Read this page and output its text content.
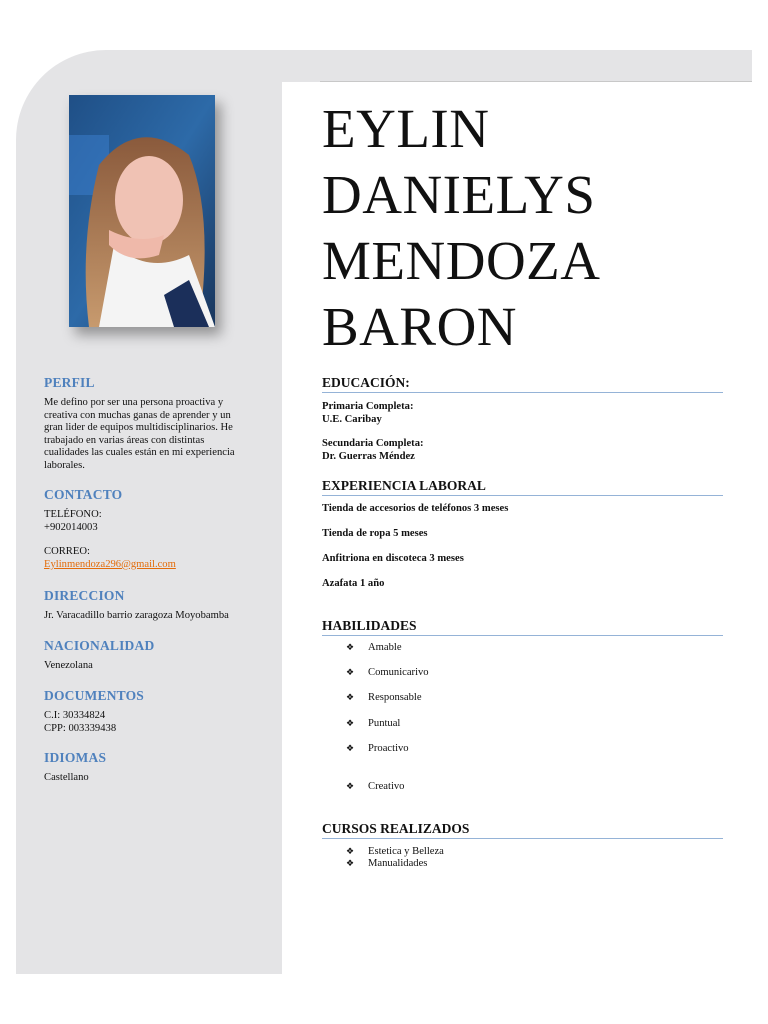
PERFIL

Me defino por ser una persona proactiva y
creativa con muchas ganas de aprender y un
gran lider de equipos multidisciplinarios. He
trabajado en varias áreas con distintas
cualidades las cuales están en mi experiencia
laborales.

CONTACTO

TELÉFONO:
+902014003

CORREO:
Eylinmendoza296@gmail.com

DIRECCION

Jr. Varacadillo barrio zaragoza Moyobamba

NACIONALIDAD

Venezolana

DOCUMENTOS

C.I: 30334824
CPP: 003339438

IDIOMAS

Castellano

EYLIN
DANIELYS
MENDOZA
BARON
EDUCACIÓN:
Primaria Completa:
U.E. Caribay
Secundaria Completa:
Dr. Guerras Méndez
EXPERIENCIA LABORAL
Tienda de accesorios de teléfonos 3 meses
Tienda de ropa 5 meses
Anfitriona en discoteca 3 meses
Azafata 1 año
HABILIDADES
❖ Amable
❖ Comunicarivo
❖ Responsable
❖ Puntual
❖ Proactivo
❖ Creativo
CURSOS REALIZADOS
❖ Estetica y Belleza
❖ Manualidades
